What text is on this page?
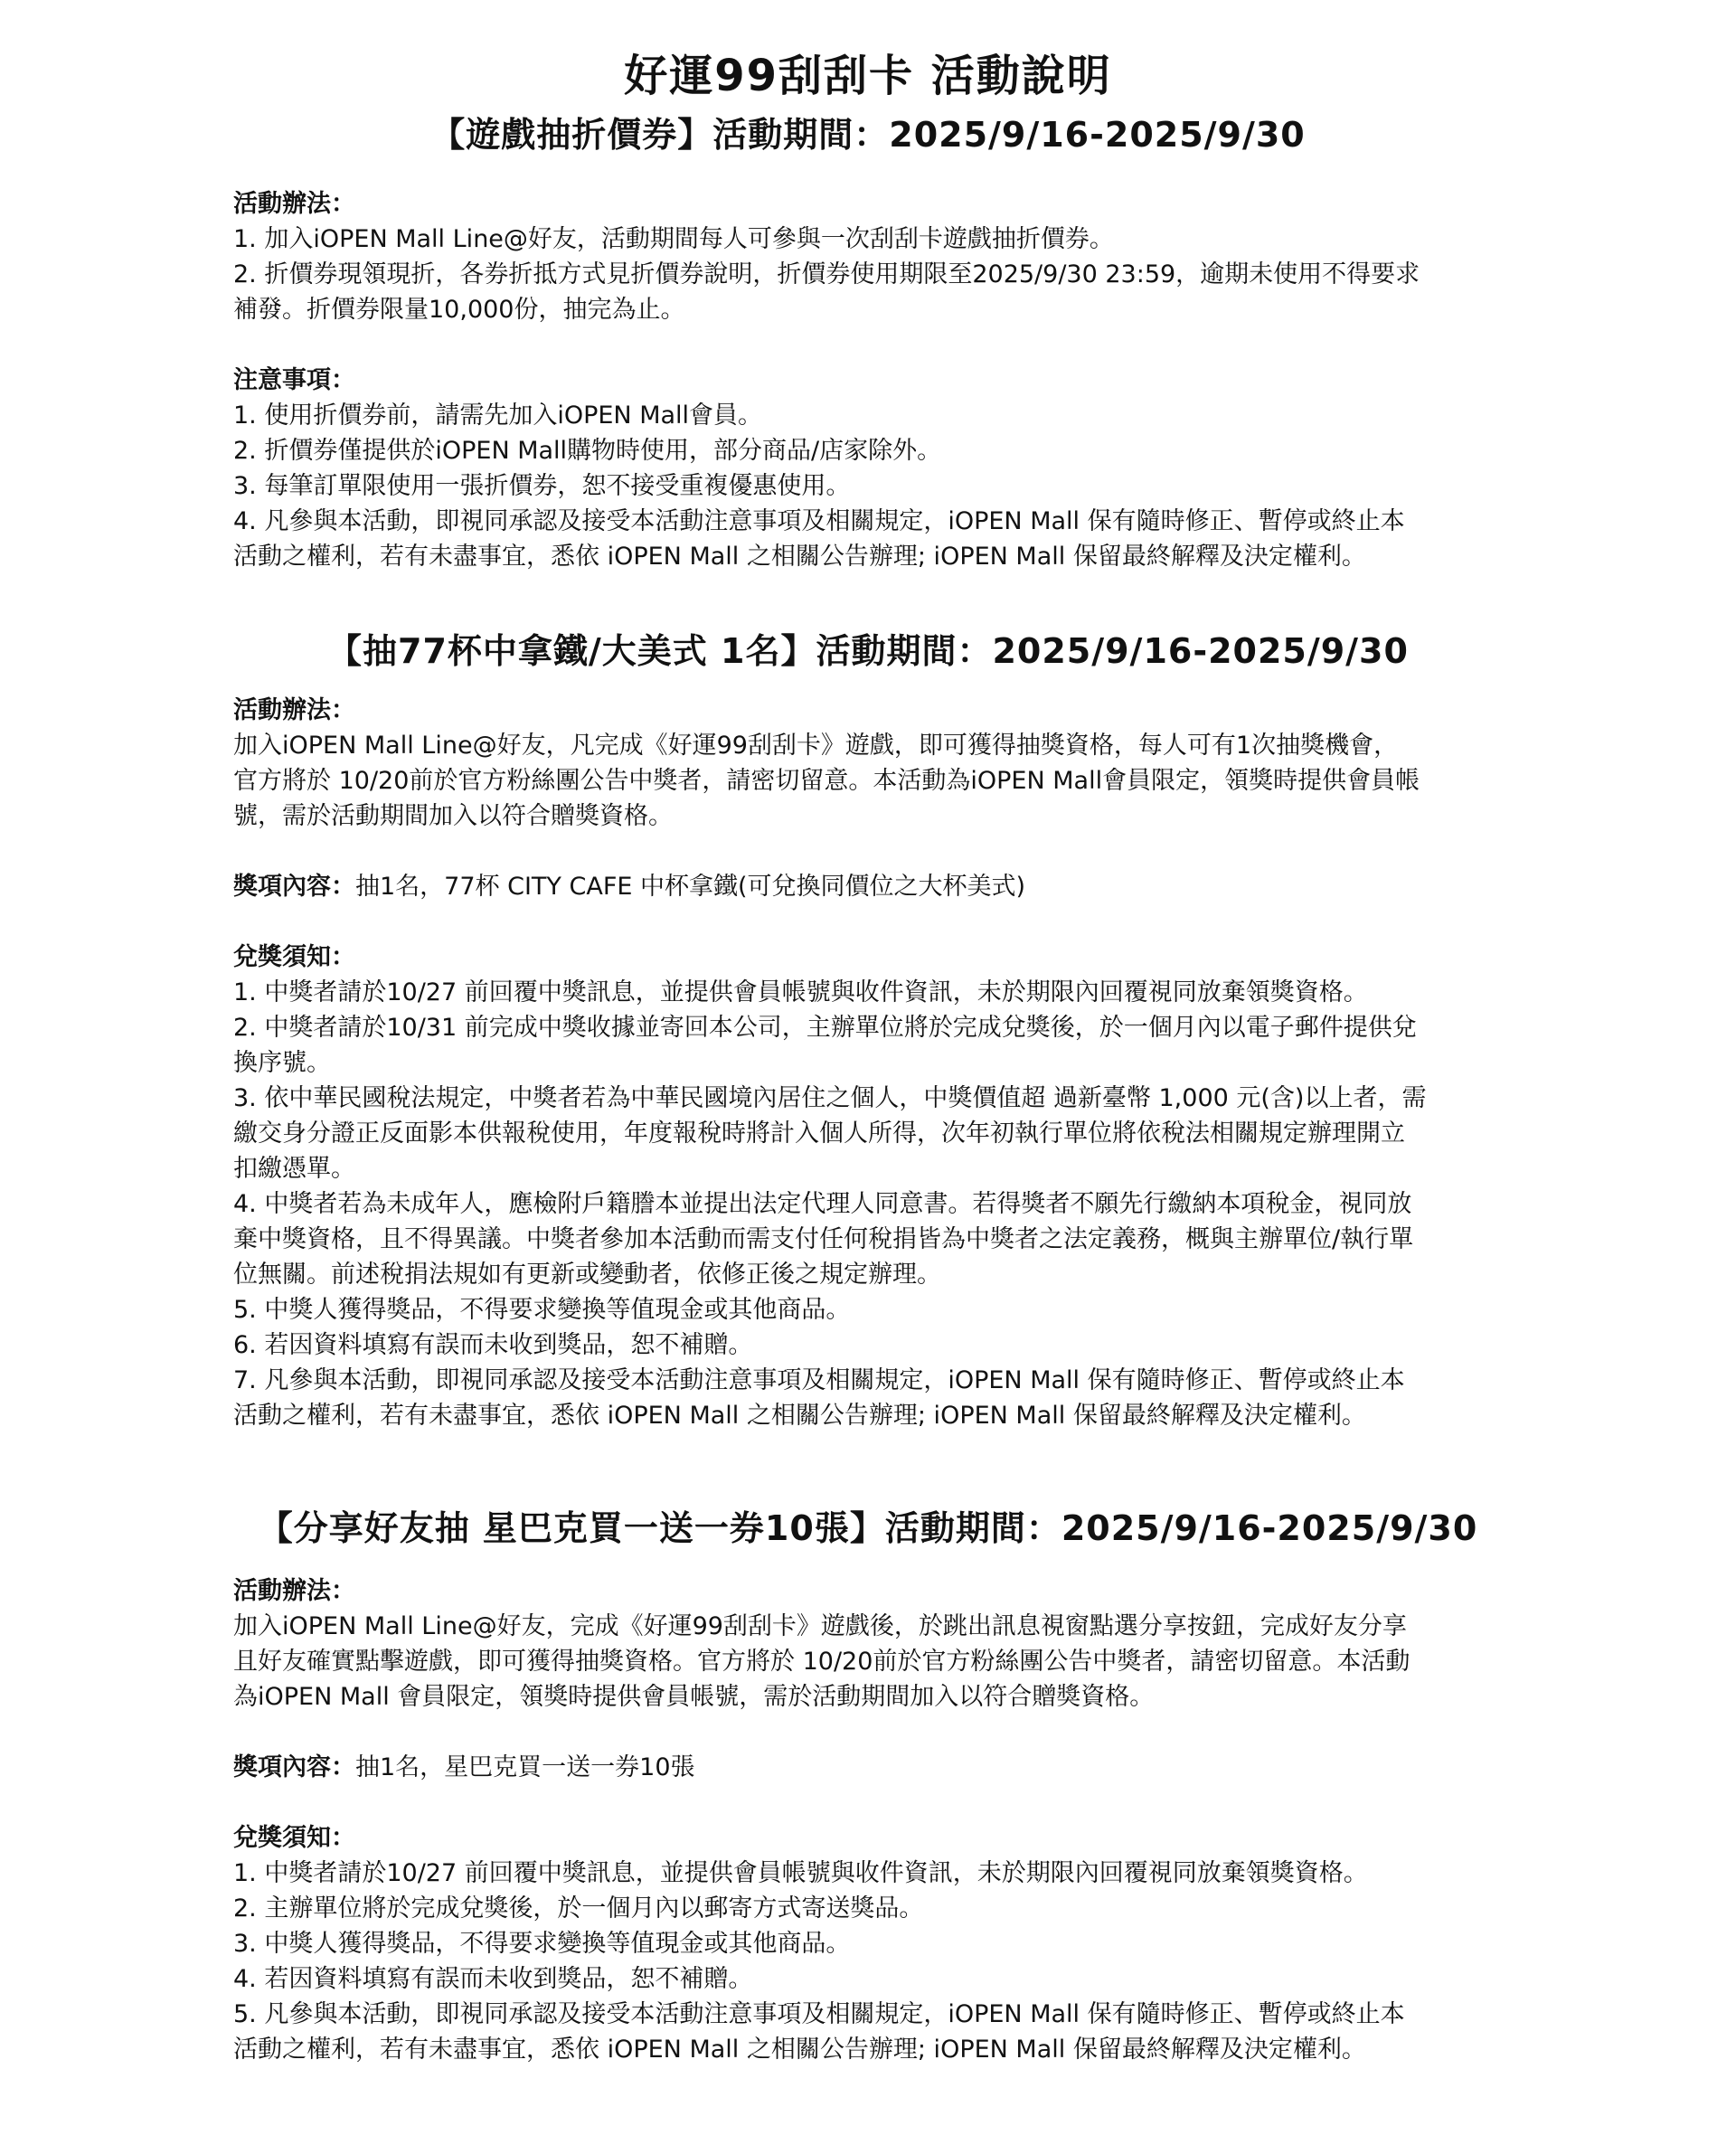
好運99刮刮卡 活動說明
【遊戲抽折價券】活動期間：2025/9/16-2025/9/30

活動辦法：

1. 加入iOPEN Mall Line@好友，活動期間每人可參與一次刮刮卡遊戲抽折價券。

2. 折價券現領現折，各券折抵方式見折價券說明，折價券使用期限至2025/9/30 23:59，逾期未使用不得要求

補發。折價券限量10,000份，抽完為止。

注意事項：

1. 使用折價券前，請需先加入iOPEN Mall會員。

2. 折價券僅提供於iOPEN Mall購物時使用，部分商品/店家除外。

3. 每筆訂單限使用一張折價券，恕不接受重複優惠使用。

4. 凡參與本活動，即視同承認及接受本活動注意事項及相關規定，iOPEN Mall 保有隨時修正、暫停或終止本

活動之權利，若有未盡事宜，悉依 iOPEN Mall 之相關公告辦理; iOPEN Mall 保留最終解釋及決定權利。

【抽77杯中拿鐵/大美式 1名】活動期間：2025/9/16-2025/9/30

活動辦法：

加入iOPEN Mall Line@好友，凡完成《好運99刮刮卡》遊戲，即可獲得抽獎資格，每人可有1次抽獎機會，

官方將於 10/20前於官方粉絲團公告中獎者，請密切留意。本活動為iOPEN Mall會員限定，領獎時提供會員帳

號，需於活動期間加入以符合贈獎資格。

獎項內容：抽1名，77杯 CITY CAFE 中杯拿鐵(可兌換同價位之大杯美式)

兌獎須知：

1. 中獎者請於10/27 前回覆中獎訊息，並提供會員帳號與收件資訊，未於期限內回覆視同放棄領獎資格。

2. 中獎者請於10/31 前完成中獎收據並寄回本公司，主辦單位將於完成兌獎後，於一個月內以電子郵件提供兌

換序號。

3. 依中華民國稅法規定，中獎者若為中華民國境內居住之個人，中獎價值超 過新臺幣 1,000 元(含)以上者，需

繳交身分證正反面影本供報稅使用，年度報稅時將計入個人所得，次年初執行單位將依稅法相關規定辦理開立

扣繳憑單。

4. 中獎者若為未成年人，應檢附戶籍謄本並提出法定代理人同意書。若得獎者不願先行繳納本項稅金，視同放

棄中獎資格，且不得異議。中獎者參加本活動而需支付任何稅捐皆為中獎者之法定義務，概與主辦單位/執行單

位無關。前述稅捐法規如有更新或變動者，依修正後之規定辦理。

5. 中獎人獲得獎品，不得要求變換等值現金或其他商品。

6. 若因資料填寫有誤而未收到獎品，恕不補贈。

7. 凡參與本活動，即視同承認及接受本活動注意事項及相關規定，iOPEN Mall 保有隨時修正、暫停或終止本

活動之權利，若有未盡事宜，悉依 iOPEN Mall 之相關公告辦理; iOPEN Mall 保留最終解釋及決定權利。

【分享好友抽 星巴克買一送一券10張】活動期間：2025/9/16-2025/9/30

活動辦法：

加入iOPEN Mall Line@好友，完成《好運99刮刮卡》遊戲後，於跳出訊息視窗點選分享按鈕，完成好友分享

且好友確實點擊遊戲，即可獲得抽獎資格。官方將於 10/20前於官方粉絲團公告中獎者，請密切留意。本活動

為iOPEN Mall 會員限定，領獎時提供會員帳號，需於活動期間加入以符合贈獎資格。

獎項內容：抽1名，星巴克買一送一券10張

兌獎須知：

1. 中獎者請於10/27 前回覆中獎訊息，並提供會員帳號與收件資訊，未於期限內回覆視同放棄領獎資格。

2. 主辦單位將於完成兌獎後，於一個月內以郵寄方式寄送獎品。

3. 中獎人獲得獎品，不得要求變換等值現金或其他商品。

4. 若因資料填寫有誤而未收到獎品，恕不補贈。

5. 凡參與本活動，即視同承認及接受本活動注意事項及相關規定，iOPEN Mall 保有隨時修正、暫停或終止本

活動之權利，若有未盡事宜，悉依 iOPEN Mall 之相關公告辦理; iOPEN Mall 保留最終解釋及決定權利。
